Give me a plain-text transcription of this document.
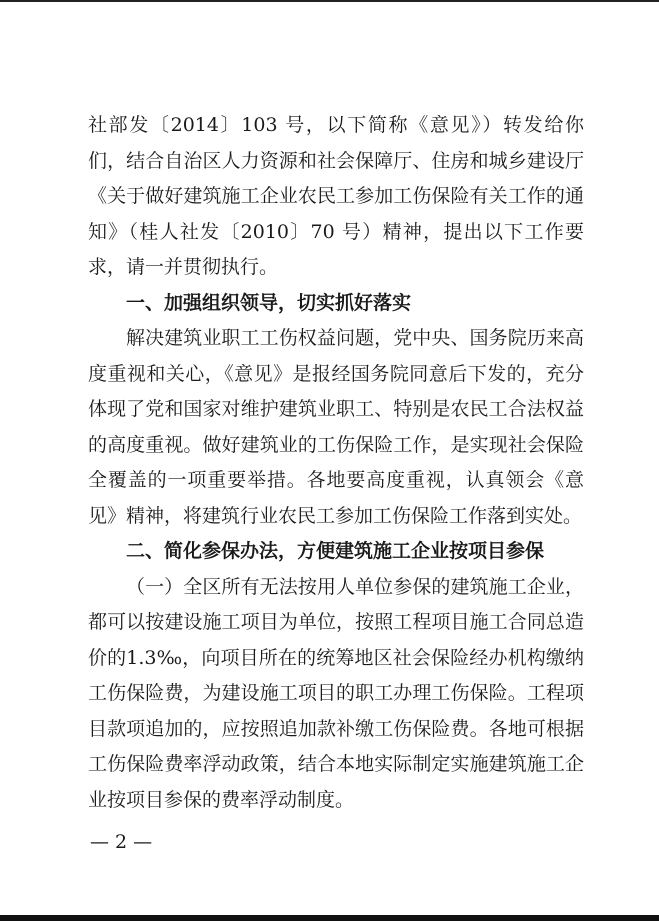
社部发〔2014〕103 号，以下简称《意见》）转发给你们，结合自治区人力资源和社会保障厅、住房和城乡建设厅《关于做好建筑施工企业农民工参加工伤保险有关工作的通知》（桂人社发〔2010〕70 号）精神，提出以下工作要求，请一并贯彻执行。

一、加强组织领导，切实抓好落实

解决建筑业职工工伤权益问题，党中央、国务院历来高度重视和关心，《意见》是报经国务院同意后下发的，充分体现了党和国家对维护建筑业职工、特别是农民工合法权益的高度重视。做好建筑业的工伤保险工作，是实现社会保险全覆盖的一项重要举措。各地要高度重视，认真领会《意见》精神，将建筑行业农民工参加工伤保险工作落到实处。

二、简化参保办法，方便建筑施工企业按项目参保

（一）全区所有无法按用人单位参保的建筑施工企业，都可以按建设施工项目为单位，按照工程项目施工合同总造价的1.3‰，向项目所在的统筹地区社会保险经办机构缴纳工伤保险费，为建设施工项目的职工办理工伤保险。工程项目款项追加的，应按照追加款补缴工伤保险费。各地可根据工伤保险费率浮动政策，结合本地实际制定实施建筑施工企业按项目参保的费率浮动制度。

— 2 —
